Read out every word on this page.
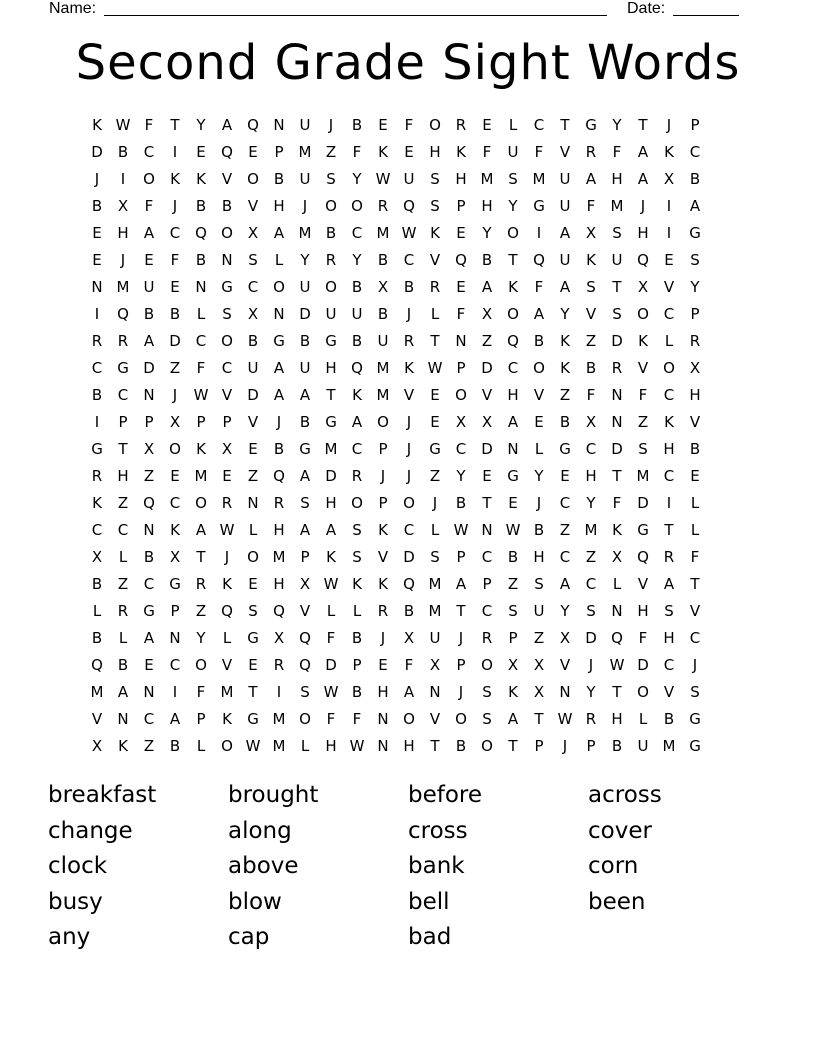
Name:	Date:
Second Grade Sight Words
K W F	T	Y	A Q N U	J	B	E	F	O R	E	L	C	T	G	Y	T	J	P
D	B	C	I	E	Q	E	P	M Z	F	K	E	H	K	F	U	F	V	R	F	A	K	C
J	I	O	K	K	V O B	U	S	Y W U	S	H M S M U	A	H	A	X	B
B	X	F	J	B	B	V	H	J	O O R Q	S	P	H	Y	G U	F	M	J	I	A
E	H	A	C Q O X	A M B	C M W K	E	Y	O	I	A	X	S	H	I	G
E	J	E	F	B	N	S	L	Y	R	Y	B	C	V Q B	T	Q U	K	U Q	E	S
N M U	E	N G C O U O B	X	B	R	E	A	K	F	A	S	T	X	V	Y
I	Q B	B	L	S	X	N D U	U	B	J	L	F	X O A	Y	V	S	O C	P
R	R	A	D C O B	G	B	G	B	U	R	T	N	Z Q B	K	Z	D	K	L	R
C G D	Z	F	C	U	A	U H Q M K W P	D C O	K	B	R	V O X
B	C	N	J	W V	D	A	A	T	K M V	E	O V	H	V	Z	F	N	F	C	H
I	P	P	X	P	P	V	J	B	G	A O	J	E	X	X	A	E	B	X	N	Z	K	V
G	T	X O	K	X	E	B	G M C	P	J	G C D N	L	G C D	S	H	B
R	H	Z	E M E	Z Q A	D	R	J	J	Z	Y	E	G	Y	E	H	T M C	E
K	Z Q C O R	N	R	S	H O	P	O	J	B	T	E	J	C	Y	F	D	I	L
C	C	N	K	A W L	H	A	A	S	K	C	L W N W B	Z M K	G	T	L
X	L	B	X	T	J	O M	P	K	S	V	D	S	P	C	B	H	C	Z	X Q R	F
B	Z	C G R	K	E	H	X W K	K	Q M A	P	Z	S	A	C	L	V	A	T
L	R G	P	Z Q	S	Q V	L	L	R	B M T	C	S	U	Y	S	N H	S	V
B	L	A	N	Y	L	G	X Q	F	B	J	X	U	J	R	P	Z	X	D Q	F	H	C
Q B	E	C O V	E	R Q D	P	E	F	X	P	O X	X	V	J	W D C	J
M A	N	I	F	M T	I	S W B	H	A	N	J	S	K	X	N	Y	T	O V	S
V	N	C	A	P	K	G M O	F	F	N O V O	S	A	T W R	H	L	B	G
X	K	Z	B	L	O W M	L	H W N H	T	B O	T	P	J	P	B	U M G
breakfast	brought	before	across
change	along	cross	cover
clock	above	bank	corn
busy	blow	bell	been
any	cap	bad
